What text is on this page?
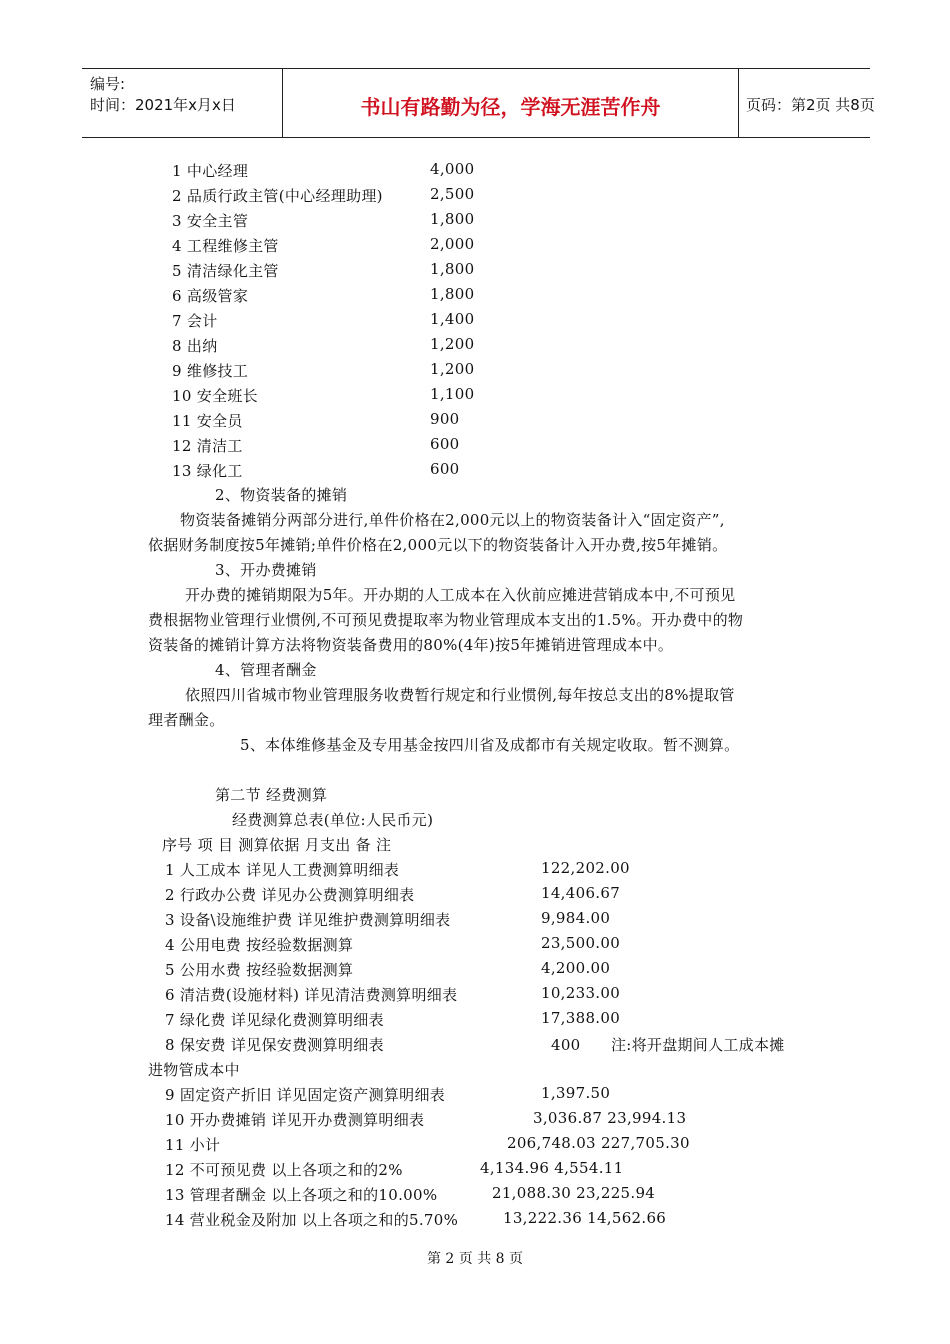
编号:
时间：2021年x月x日	书山有路勤为径，学海无涯苦作舟	页码：第2页 共8页
1 中心经理	4,000
2 品质行政主管(中心经理助理)	2,500
3 安全主管	1,800
4 工程维修主管	2,000
5 清洁绿化主管	1,800
6 高级管家	1,800
7 会计	1,400
8 出纳	1,200
9 维修技工	1,200
10 安全班长	1,100
11 安全员	900
12 清洁工	600
13 绿化工	600
2、物资装备的摊销
物资装备摊销分两部分进行,单件价格在2,000元以上的物资装备计入“固定资产”,
依据财务制度按5年摊销;单件价格在2,000元以下的物资装备计入开办费,按5年摊销。
3、开办费摊销
开办费的摊销期限为5年。开办期的人工成本在入伙前应摊进营销成本中,不可预见
费根据物业管理行业惯例,不可预见费提取率为物业管理成本支出的1.5%。开办费中的物
资装备的摊销计算方法将物资装备费用的80%(4年)按5年摊销进管理成本中。
4、管理者酬金
依照四川省城市物业管理服务收费暂行规定和行业惯例,每年按总支出的8%提取管
理者酬金。
5、本体维修基金及专用基金按四川省及成都市有关规定收取。暂不测算。
第二节 经费测算
经费测算总表(单位:人民币元)
序号 项 目 测算依据 月支出 备 注
1 人工成本 详见人工费测算明细表	122,202.00
2 行政办公费 详见办公费测算明细表	14,406.67
3 设备\设施维护费 详见维护费测算明细表	9,984.00
4 公用电费 按经验数据测算	23,500.00
5 公用水费 按经验数据测算	4,200.00
6 清洁费(设施材料) 详见清洁费测算明细表	10,233.00
7 绿化费 详见绿化费测算明细表	17,388.00
8 保安费 详见保安费测算明细表	400      注:将开盘期间人工成本摊
进物管成本中
9 固定资产折旧 详见固定资产测算明细表	1,397.50
10 开办费摊销 详见开办费测算明细表	3,036.87 23,994.13
11 小计	206,748.03 227,705.30
12 不可预见费 以上各项之和的2%	4,134.96 4,554.11
13 管理者酬金 以上各项之和的10.00%	21,088.30 23,225.94
14 营业税金及附加 以上各项之和的5.70%	13,222.36 14,562.66
第 2 页 共 8 页
